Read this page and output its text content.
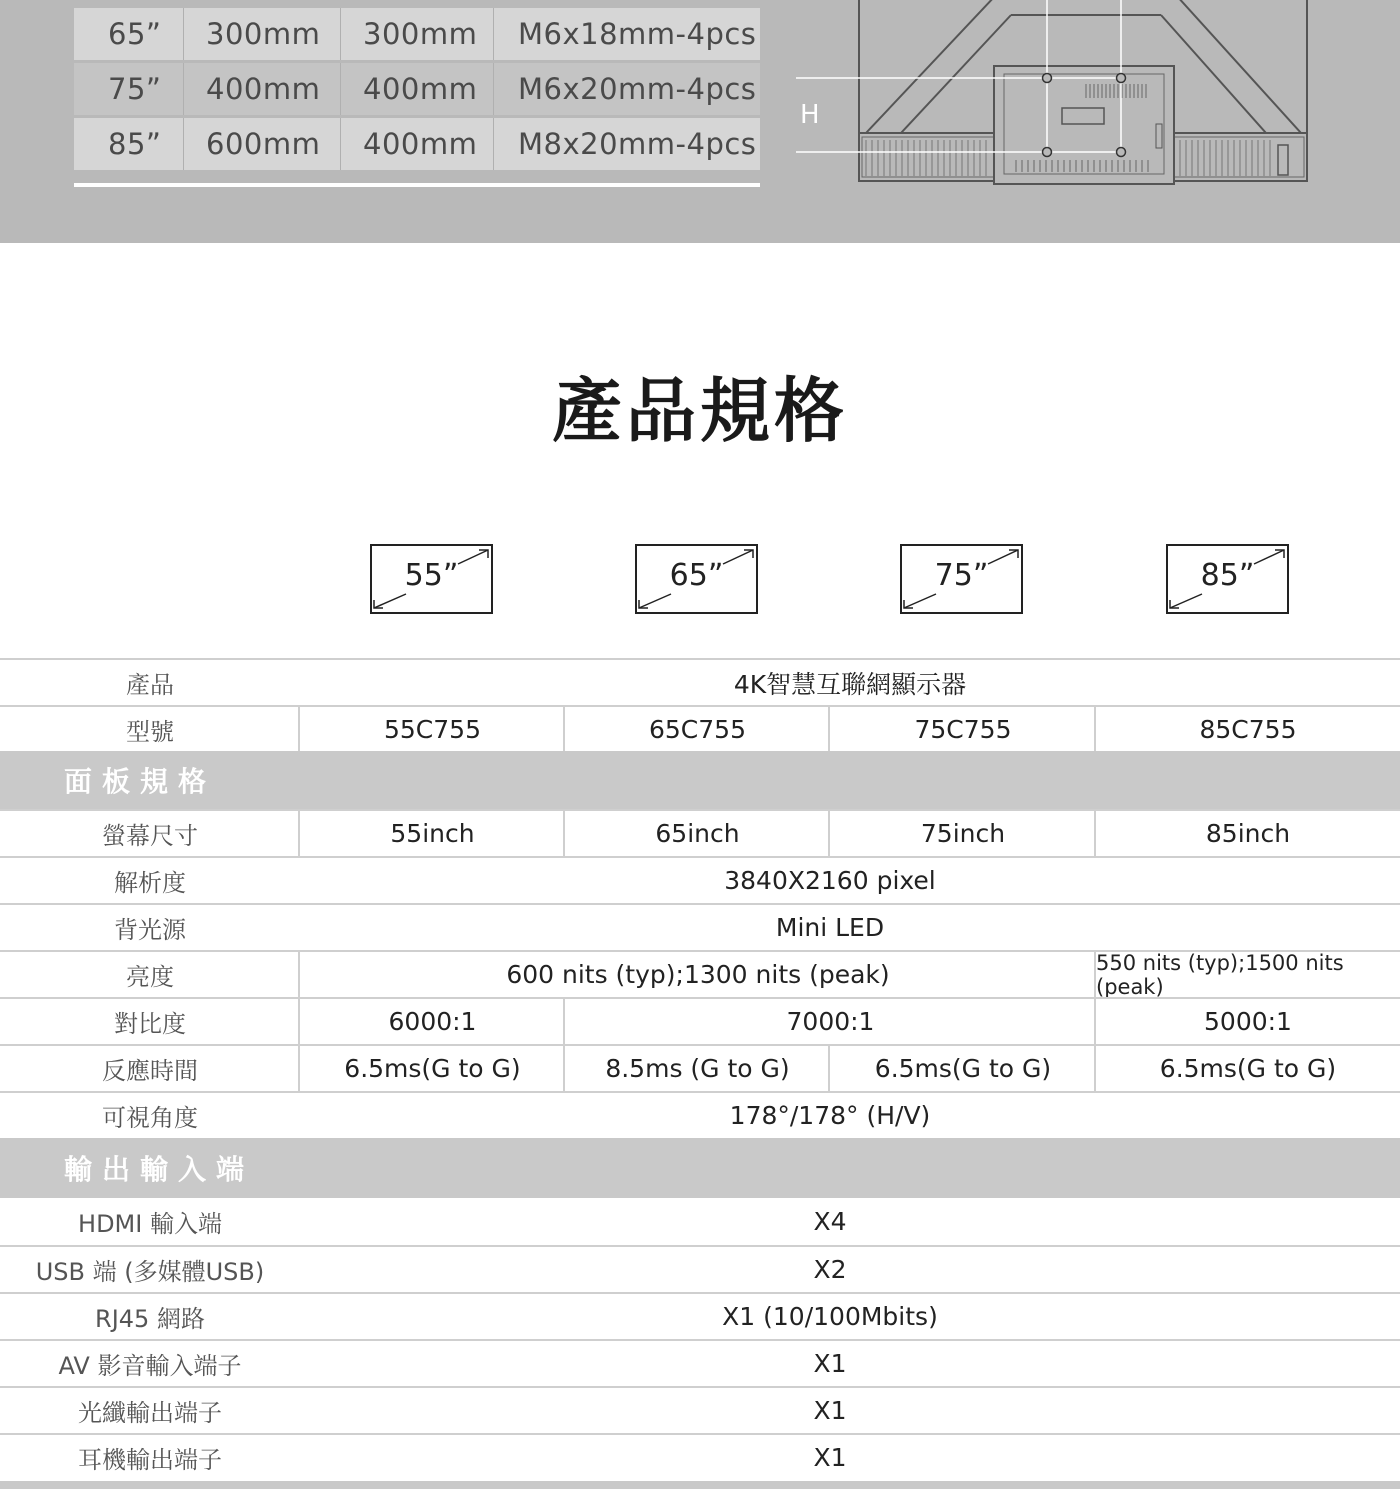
65”	300mm	300mm	M6x18mm-4pcs
75”	400mm	400mm	M6x20mm-4pcs
85”	600mm	400mm	M8x20mm-4pcs
H
產品規格
55”	65”	75”	85”
產品	4K智慧互聯網顯示器
型號	55C755	65C755	75C755	85C755
面板規格
螢幕尺寸	55inch	65inch	75inch	85inch
解析度	3840X2160 pixel
背光源	Mini LED
亮度	600 nits (typ);1300 nits (peak)	550 nits (typ);1500 nits (peak)
對比度	6000:1	7000:1	5000:1
反應時間	6.5ms(G to G)	8.5ms (G to G)	6.5ms(G to G)	6.5ms(G to G)
可視角度	178°/178° (H/V)
輸出輸入端
HDMI 輸入端	X4
USB 端 (多媒體USB)	X2
RJ45 網路	X1 (10/100Mbits)
AV 影音輸入端子	X1
光纖輸出端子	X1
耳機輸出端子	X1
